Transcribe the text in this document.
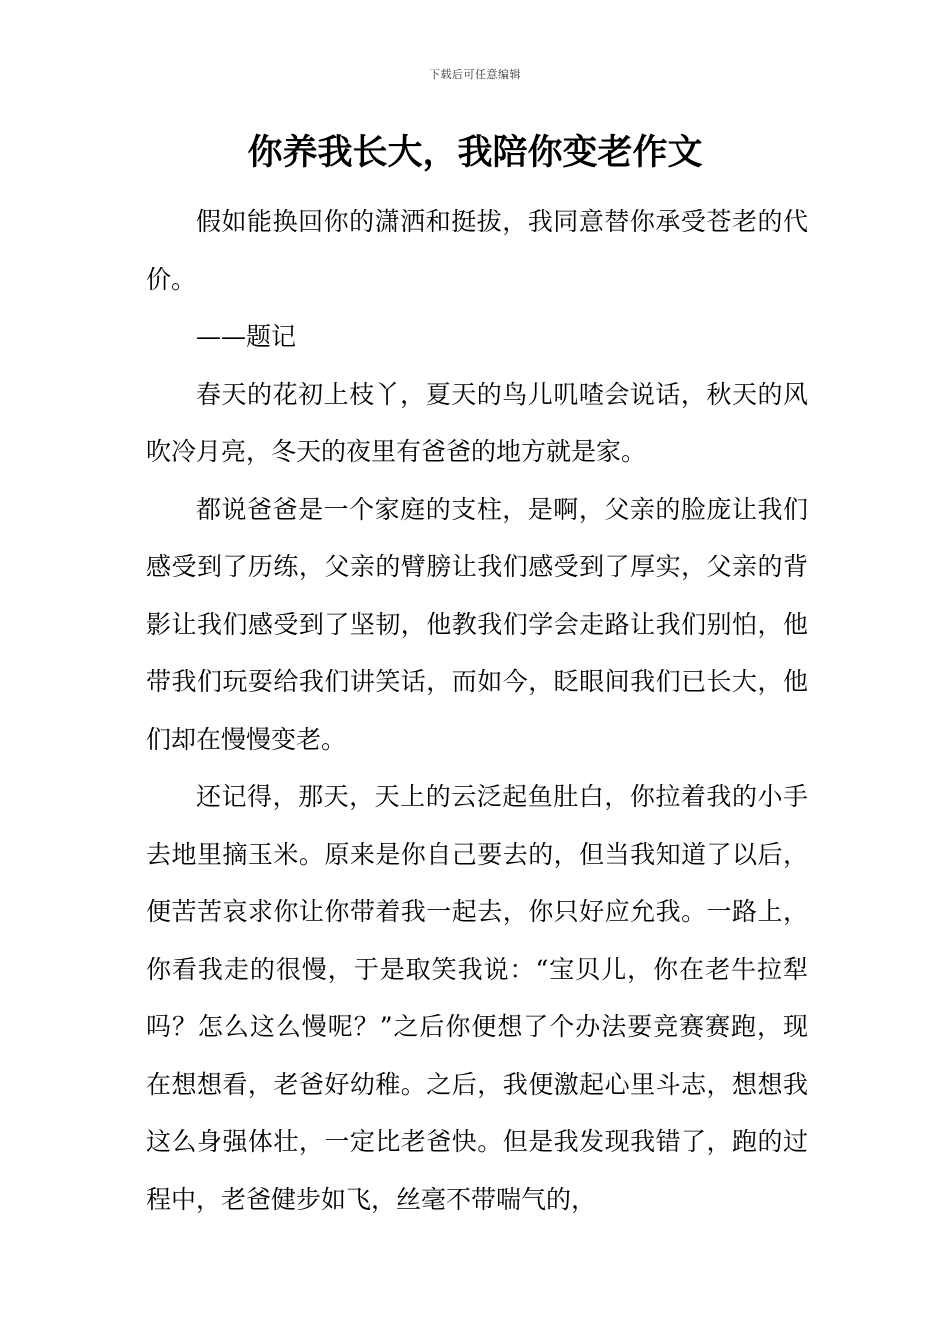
下载后可任意编辑
你养我长大，我陪你变老作文

假如能换回你的潇洒和挺拔，我同意替你承受苍老的代价。

——题记

春天的花初上枝丫，夏天的鸟儿叽喳会说话，秋天的风吹冷月亮，冬天的夜里有爸爸的地方就是家。

都说爸爸是一个家庭的支柱，是啊，父亲的脸庞让我们感受到了历练，父亲的臂膀让我们感受到了厚实，父亲的背影让我们感受到了坚韧，他教我们学会走路让我们别怕，他带我们玩耍给我们讲笑话，而如今，眨眼间我们已长大，他们却在慢慢变老。

还记得，那天，天上的云泛起鱼肚白，你拉着我的小手去地里摘玉米。原来是你自己要去的，但当我知道了以后，便苦苦哀求你让你带着我一起去，你只好应允我。一路上，你看我走的很慢，于是取笑我说：“宝贝儿，你在老牛拉犁吗？怎么这么慢呢？”之后你便想了个办法要竞赛赛跑，现在想想看，老爸好幼稚。之后，我便激起心里斗志，想想我这么身强体壮，一定比老爸快。但是我发现我错了，跑的过程中，老爸健步如飞，丝毫不带喘气的，
